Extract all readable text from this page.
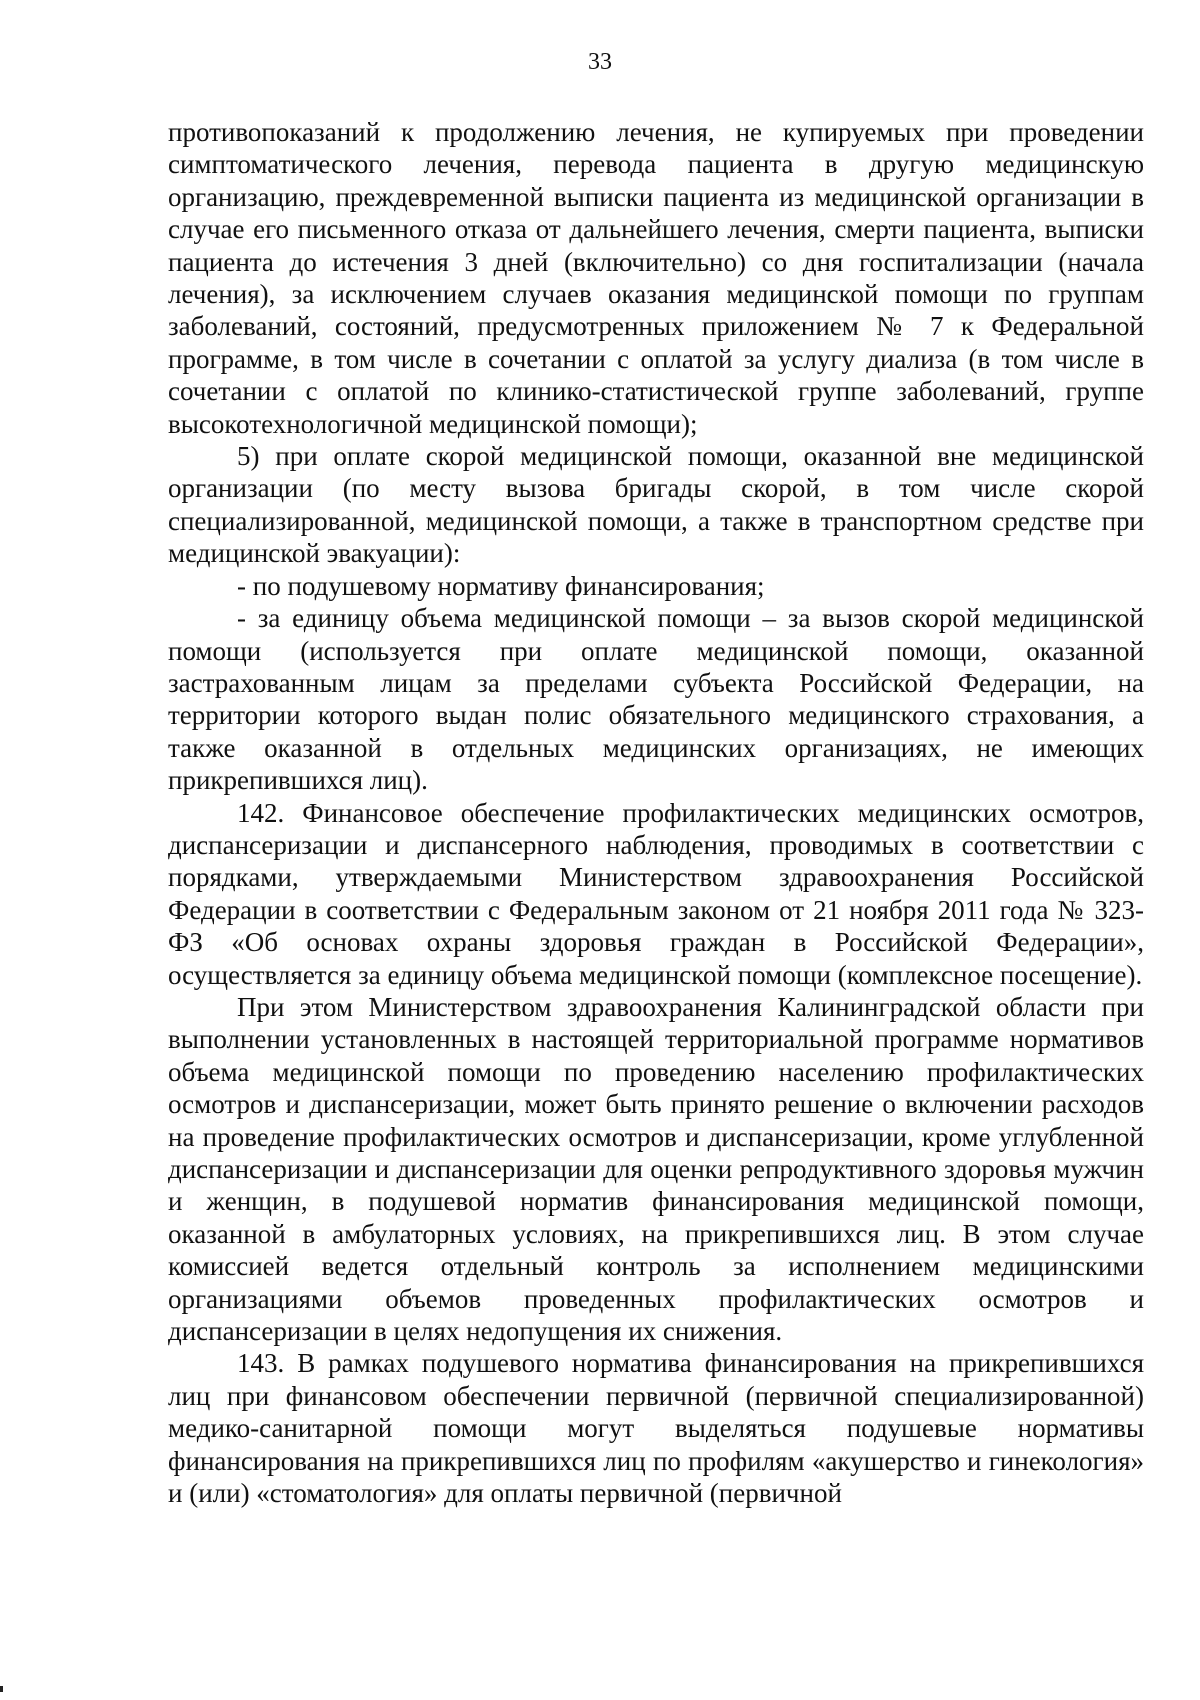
33

противопоказаний к продолжению лечения, не купируемых при проведении симптоматического лечения, перевода пациента в другую медицинскую организацию, преждевременной выписки пациента из медицинской организации в случае его письменного отказа от дальнейшего лечения, смерти пациента, выписки пациента до истечения 3 дней (включительно) со дня госпитализации (начала лечения), за исключением случаев оказания медицинской помощи по группам заболеваний, состояний, предусмотренных приложением № 7 к Федеральной программе, в том числе в сочетании с оплатой за услугу диализа (в том числе в сочетании с оплатой по клинико-статистической группе заболеваний, группе высокотехнологичной медицинской помощи);

5) при оплате скорой медицинской помощи, оказанной вне медицинской организации (по месту вызова бригады скорой, в том числе скорой специализированной, медицинской помощи, а также в транспортном средстве при медицинской эвакуации):

- по подушевому нормативу финансирования;

- за единицу объема медицинской помощи – за вызов скорой медицинской помощи (используется при оплате медицинской помощи, оказанной застрахованным лицам за пределами субъекта Российской Федерации, на территории которого выдан полис обязательного медицинского страхования, а также оказанной в отдельных медицинских организациях, не имеющих прикрепившихся лиц).

142. Финансовое обеспечение профилактических медицинских осмотров, диспансеризации и диспансерного наблюдения, проводимых в соответствии с порядками, утверждаемыми Министерством здравоохранения Российской Федерации в соответствии с Федеральным законом от 21 ноября 2011 года № 323-ФЗ «Об основах охраны здоровья граждан в Российской Федерации», осуществляется за единицу объема медицинской помощи (комплексное посещение).

При этом Министерством здравоохранения Калининградской области при выполнении установленных в настоящей территориальной программе нормативов объема медицинской помощи по проведению населению профилактических осмотров и диспансеризации, может быть принято решение о включении расходов на проведение профилактических осмотров и диспансеризации, кроме углубленной диспансеризации и диспансеризации для оценки репродуктивного здоровья мужчин и женщин, в подушевой норматив финансирования медицинской помощи, оказанной в амбулаторных условиях, на прикрепившихся лиц. В этом случае комиссией ведется отдельный контроль за исполнением медицинскими организациями объемов проведенных профилактических осмотров и диспансеризации в целях недопущения их снижения.

143. В рамках подушевого норматива финансирования на прикрепившихся лиц при финансовом обеспечении первичной (первичной специализированной) медико-санитарной помощи могут выделяться подушевые нормативы финансирования на прикрепившихся лиц по профилям «акушерство и гинекология» и (или) «стоматология» для оплаты первичной (первичной
